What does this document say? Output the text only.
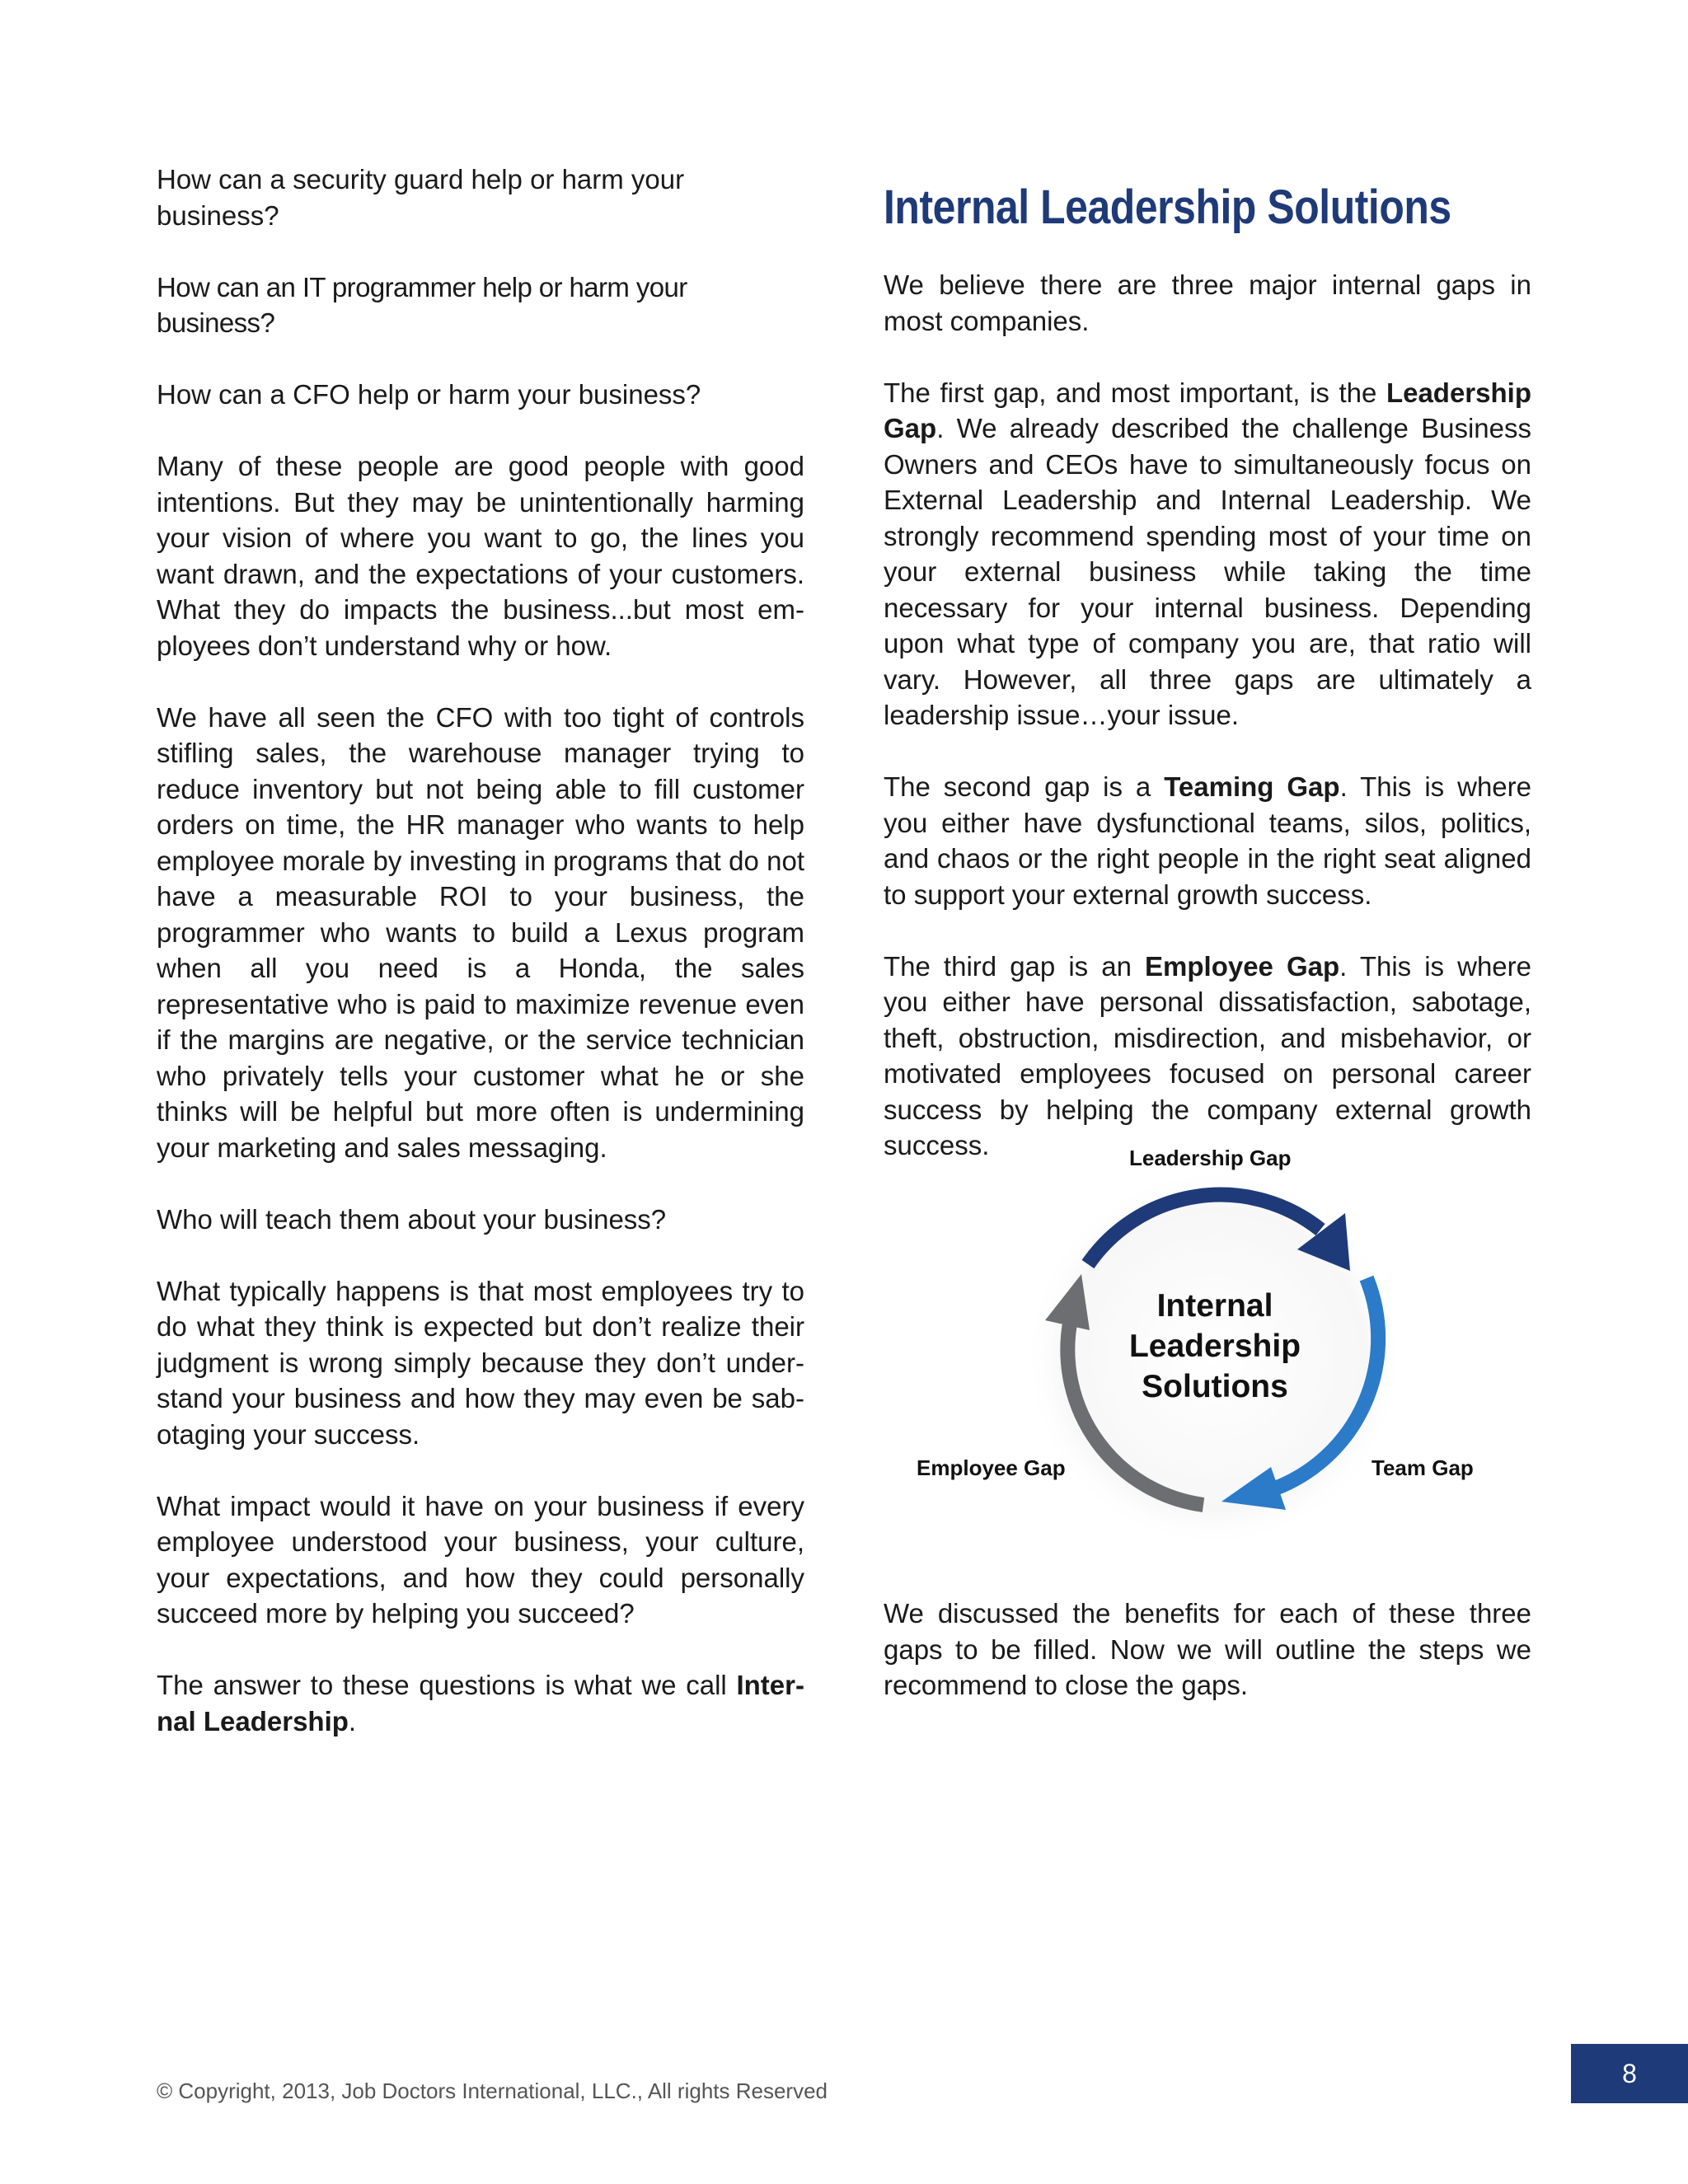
How can a security guard help or harm your business?

How can an IT programmer help or harm your business?

How can a CFO help or harm your business?

Many of these people are good people with good intentions. But they may be unintentionally harming your vision of where you want to go, the lines you want drawn, and the expectations of your customers. What they do impacts the business...but most employees don’t understand why or how.

We have all seen the CFO with too tight of controls stifling sales, the warehouse manager trying to reduce inventory but not being able to fill customer orders on time, the HR manager who wants to help employee morale by investing in programs that do not have a measurable ROI to your business, the programmer who wants to build a Lexus program when all you need is a Honda, the sales representative who is paid to maximize revenue even if the margins are negative, or the service technician who privately tells your customer what he or she thinks will be helpful but more often is undermining your marketing and sales messaging.

Who will teach them about your business?

What typically happens is that most employees try to do what they think is expected but don’t realize their judgment is wrong simply because they don’t understand your business and how they may even be sabotaging your success.

What impact would it have on your business if every employee understood your business, your culture, your expectations, and how they could personally succeed more by helping you succeed?

The answer to these questions is what we call Internal Leadership.

Internal Leadership Solutions

We believe there are three major internal gaps in most companies.

The first gap, and most important, is the Leadership Gap. We already described the challenge Business Owners and CEOs have to simultaneously focus on External Leadership and Internal Leadership. We strongly recommend spending most of your time on your external business while taking the time necessary for your internal business. Depending upon what type of company you are, that ratio will vary. However, all three gaps are ultimately a leadership issue…your issue.

The second gap is a Teaming Gap. This is where you either have dysfunctional teams, silos, politics, and chaos or the right people in the right seat aligned to support your external growth success.

The third gap is an Employee Gap. This is where you either have personal dissatisfaction, sabotage, theft, obstruction, misdirection, and misbehavior, or motivated employees focused on personal career success by helping the company external growth success.	Leadership Gap
Team Gap
Employee Gap
Internal
Leadership
Solutions

We discussed the benefits for each of these three gaps to be filled. Now we will outline the steps we recommend to close the gaps.

© Copyright, 2013, Job Doctors International, LLC., All rights Reserved
8
